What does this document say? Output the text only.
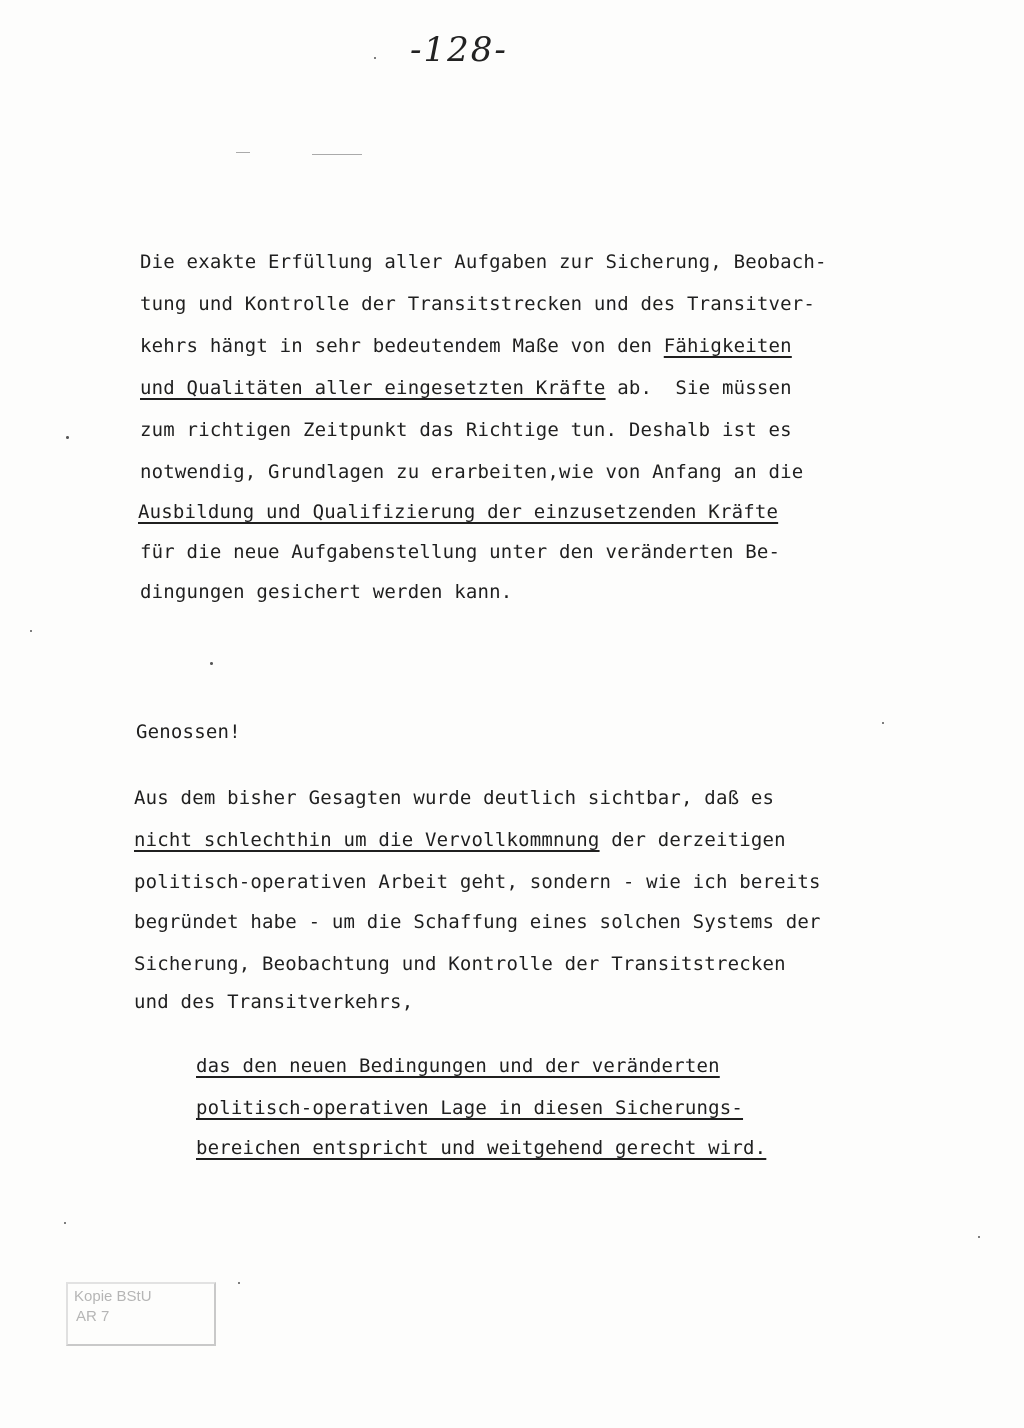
-128-
Die exakte Erfüllung aller Aufgaben zur Sicherung, Beobach-
tung und Kontrolle der Transitstrecken und des Transitver-
kehrs hängt in sehr bedeutendem Maße von den Fähigkeiten
und Qualitäten aller eingesetzten Kräfte ab.  Sie müssen
zum richtigen Zeitpunkt das Richtige tun. Deshalb ist es
notwendig, Grundlagen zu erarbeiten,wie von Anfang an die
Ausbildung und Qualifizierung der einzusetzenden Kräfte
für die neue Aufgabenstellung unter den veränderten Be-
dingungen gesichert werden kann.
Genossen!
Aus dem bisher Gesagten wurde deutlich sichtbar, daß es
nicht schlechthin um die Vervollkommnung der derzeitigen
politisch-operativen Arbeit geht, sondern - wie ich bereits
begründet habe - um die Schaffung eines solchen Systems der
Sicherung, Beobachtung und Kontrolle der Transitstrecken
und des Transitverkehrs,
das den neuen Bedingungen und der veränderten
politisch-operativen Lage in diesen Sicherungs-
bereichen entspricht und weitgehend gerecht wird.
Kopie BStU
AR 7
